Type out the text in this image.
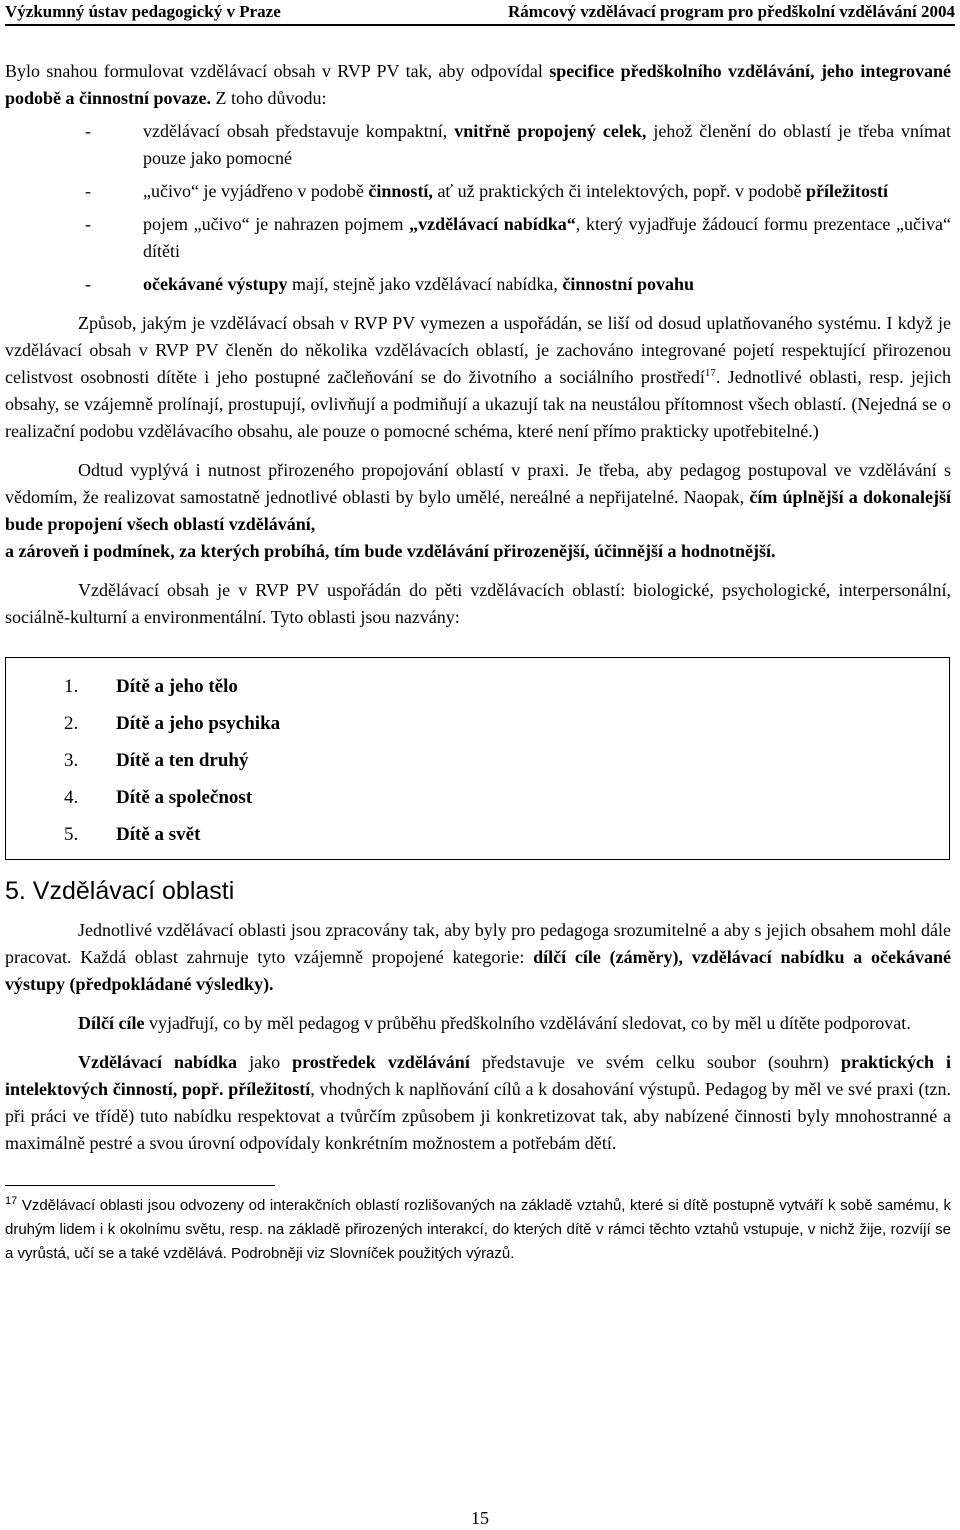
Výzkumný ústav pedagogický v Praze	Rámcový vzdělávací program pro předškolní vzdělávání 2004

Bylo snahou formulovat vzdělávací obsah v RVP PV tak, aby odpovídal specifice předškolního vzdělávání, jeho integrované podobě a činnostní povaze. Z toho důvodu:

-	vzdělávací obsah představuje kompaktní, vnitřně propojený celek, jehož členění do oblastí je třeba vnímat pouze jako pomocné
-	„učivo“ je vyjádřeno v podobě činností, ať už praktických či intelektových, popř. v podobě příležitostí
-	pojem „učivo“ je nahrazen pojmem „vzdělávací nabídka“, který vyjadřuje žádoucí formu prezentace „učiva“ dítěti
-	očekávané výstupy mají, stejně jako vzdělávací nabídka, činnostní povahu

Způsob, jakým je vzdělávací obsah v RVP PV vymezen a uspořádán, se liší od dosud uplatňovaného systému. I když je vzdělávací obsah v RVP PV členěn do několika vzdělávacích oblastí, je zachováno integrované pojetí respektující přirozenou celistvost osobnosti dítěte i jeho postupné začleňování se do životního a sociálního prostředí$^{17}$. Jednotlivé oblasti, resp. jejich obsahy, se vzájemně prolínají, prostupují, ovlivňují a podmiňují a ukazují tak na neustálou přítomnost všech oblastí. (Nejedná se o realizační podobu vzdělávacího obsahu, ale pouze o pomocné schéma, které není přímo prakticky upotřebitelné.)

Odtud vyplývá i nutnost přirozeného propojování oblastí v praxi. Je třeba, aby pedagog postupoval ve vzdělávání s vědomím, že realizovat samostatně jednotlivé oblasti by bylo umělé, nereálné a nepřijatelné. Naopak, čím úplnější a dokonalejší bude propojení všech oblastí vzdělávání,

a zároveň i podmínek, za kterých probíhá, tím bude vzdělávání přirozenější, účinnější a hodnotnější.

Vzdělávací obsah je v RVP PV uspořádán do pěti vzdělávacích oblastí: biologické, psychologické, interpersonální, sociálně-kulturní a environmentální. Tyto oblasti jsou nazvány:

1.	Dítě a jeho tělo
2.	Dítě a jeho psychika
3.	Dítě a ten druhý
4.	Dítě a společnost
5.	Dítě a svět
5. Vzdělávací oblasti

Jednotlivé vzdělávací oblasti jsou zpracovány tak, aby byly pro pedagoga srozumitelné a aby s jejich obsahem mohl dále pracovat. Každá oblast zahrnuje tyto vzájemně propojené kategorie: dílčí cíle (záměry), vzdělávací nabídku a očekávané výstupy (předpokládané výsledky).

Dílčí cíle vyjadřují, co by měl pedagog v průběhu předškolního vzdělávání sledovat, co by měl u dítěte podporovat.

Vzdělávací nabídka jako prostředek vzdělávání představuje ve svém celku soubor (souhrn) praktických i intelektových činností, popř. příležitostí, vhodných k naplňování cílů a k dosahování výstupů. Pedagog by měl ve své praxi (tzn. při práci ve třídě) tuto nabídku respektovat a tvůrčím způsobem ji konkretizovat tak, aby nabízené činnosti byly mnohostranné a maximálně pestré a svou úrovní odpovídaly konkrétním možnostem a potřebám dětí.

$^{17}$ Vzdělávací oblasti jsou odvozeny od interakčních oblastí rozlišovaných na základě vztahů, které si dítě postupně vytváří k sobě samému, k druhým lidem i k okolnímu světu, resp. na základě přirozených interakcí, do kterých dítě v rámci těchto vztahů vstupuje, v nichž žije, rozvíjí se a vyrůstá, učí se a také vzdělává. Podrobněji viz Slovníček použitých výrazů.

15
